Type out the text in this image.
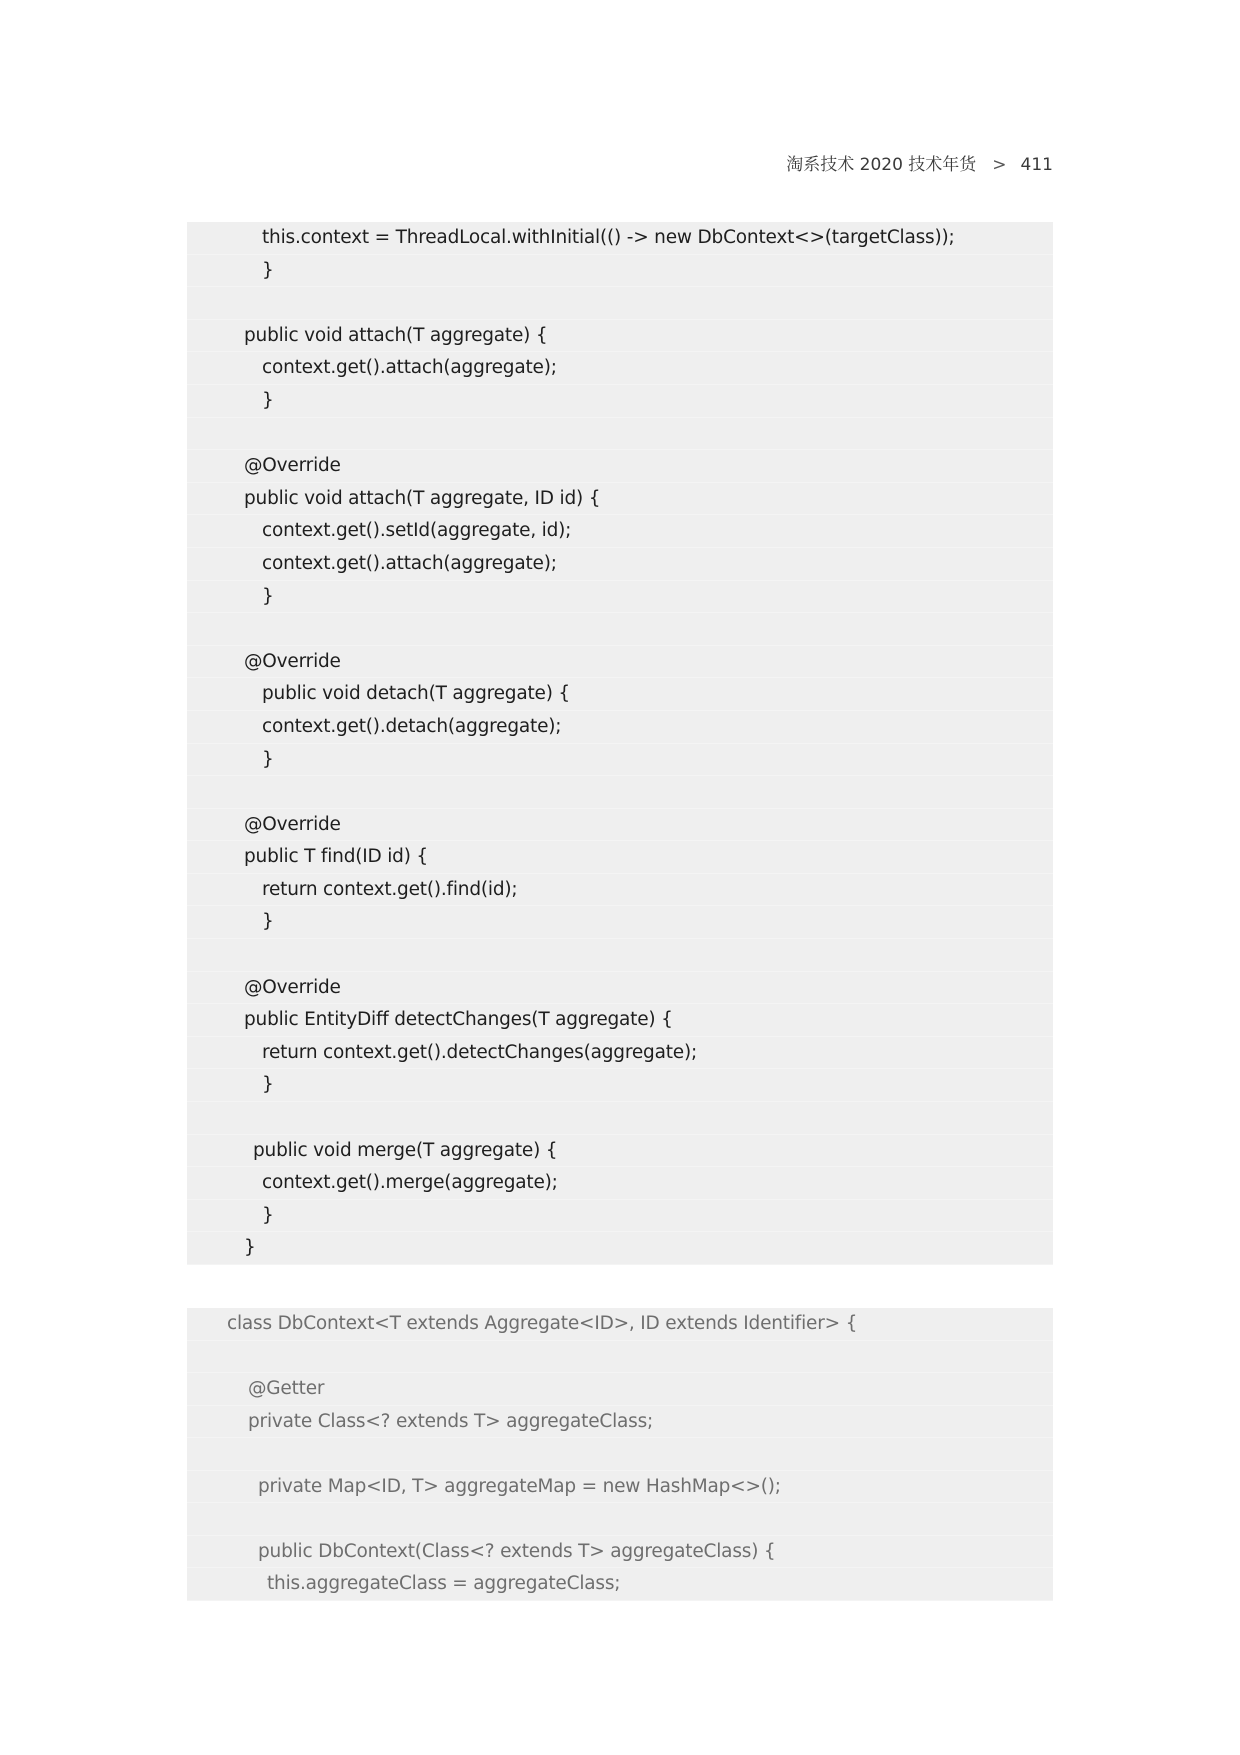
淘系技术 2020 技术年货 > 411
this.context = ThreadLocal.withInitial(() -> new DbContext<>(targetClass));
}
public void attach(T aggregate) {
context.get().attach(aggregate);
}
@Override
public void attach(T aggregate, ID id) {
context.get().setId(aggregate, id);
context.get().attach(aggregate);
}
@Override
public void detach(T aggregate) {
context.get().detach(aggregate);
}
@Override
public T find(ID id) {
return context.get().find(id);
}
@Override
public EntityDiff detectChanges(T aggregate) {
return context.get().detectChanges(aggregate);
}
public void merge(T aggregate) {
context.get().merge(aggregate);
}
}
class DbContext<T extends Aggregate<ID>, ID extends Identifier> {
@Getter
private Class<? extends T> aggregateClass;
private Map<ID, T> aggregateMap = new HashMap<>();
public DbContext(Class<? extends T> aggregateClass) {
this.aggregateClass = aggregateClass;
